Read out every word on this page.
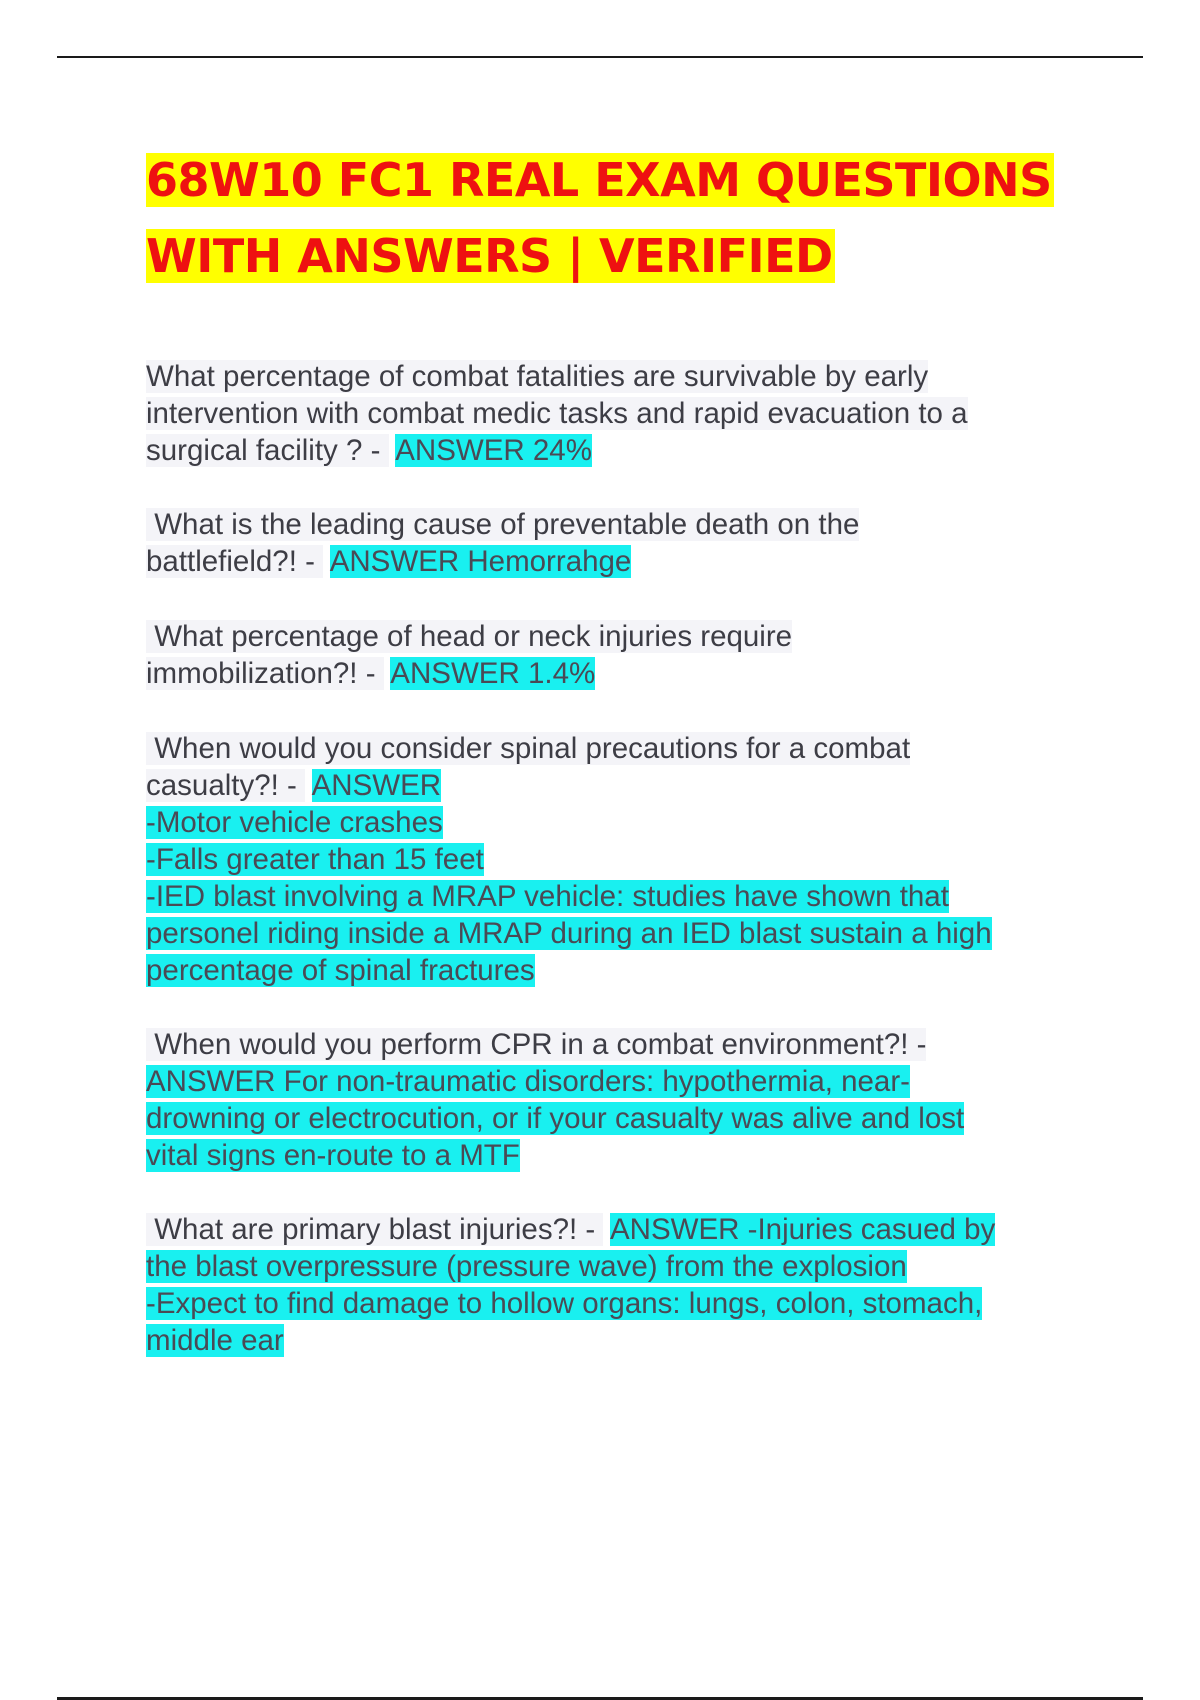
68W10 FC1 REAL EXAM QUESTIONS
WITH ANSWERS | VERIFIED
What percentage of combat fatalities are survivable by early
intervention with combat medic tasks and rapid evacuation to a
surgical facility ? -  ANSWER 24%
What is the leading cause of preventable death on the
battlefield?! -  ANSWER Hemorrahge
What percentage of head or neck injuries require
immobilization?! -  ANSWER 1.4%
When would you consider spinal precautions for a combat
casualty?! -  ANSWER
-Motor vehicle crashes
-Falls greater than 15 feet
-IED blast involving a MRAP vehicle: studies have shown that
personel riding inside a MRAP during an IED blast sustain a high
percentage of spinal fractures
When would you perform CPR in a combat environment?! -
ANSWER For non-traumatic disorders: hypothermia, near-
drowning or electrocution, or if your casualty was alive and lost
vital signs en-route to a MTF
What are primary blast injuries?! -  ANSWER -Injuries casued by
the blast overpressure (pressure wave) from the explosion
-Expect to find damage to hollow organs: lungs, colon, stomach,
middle ear
